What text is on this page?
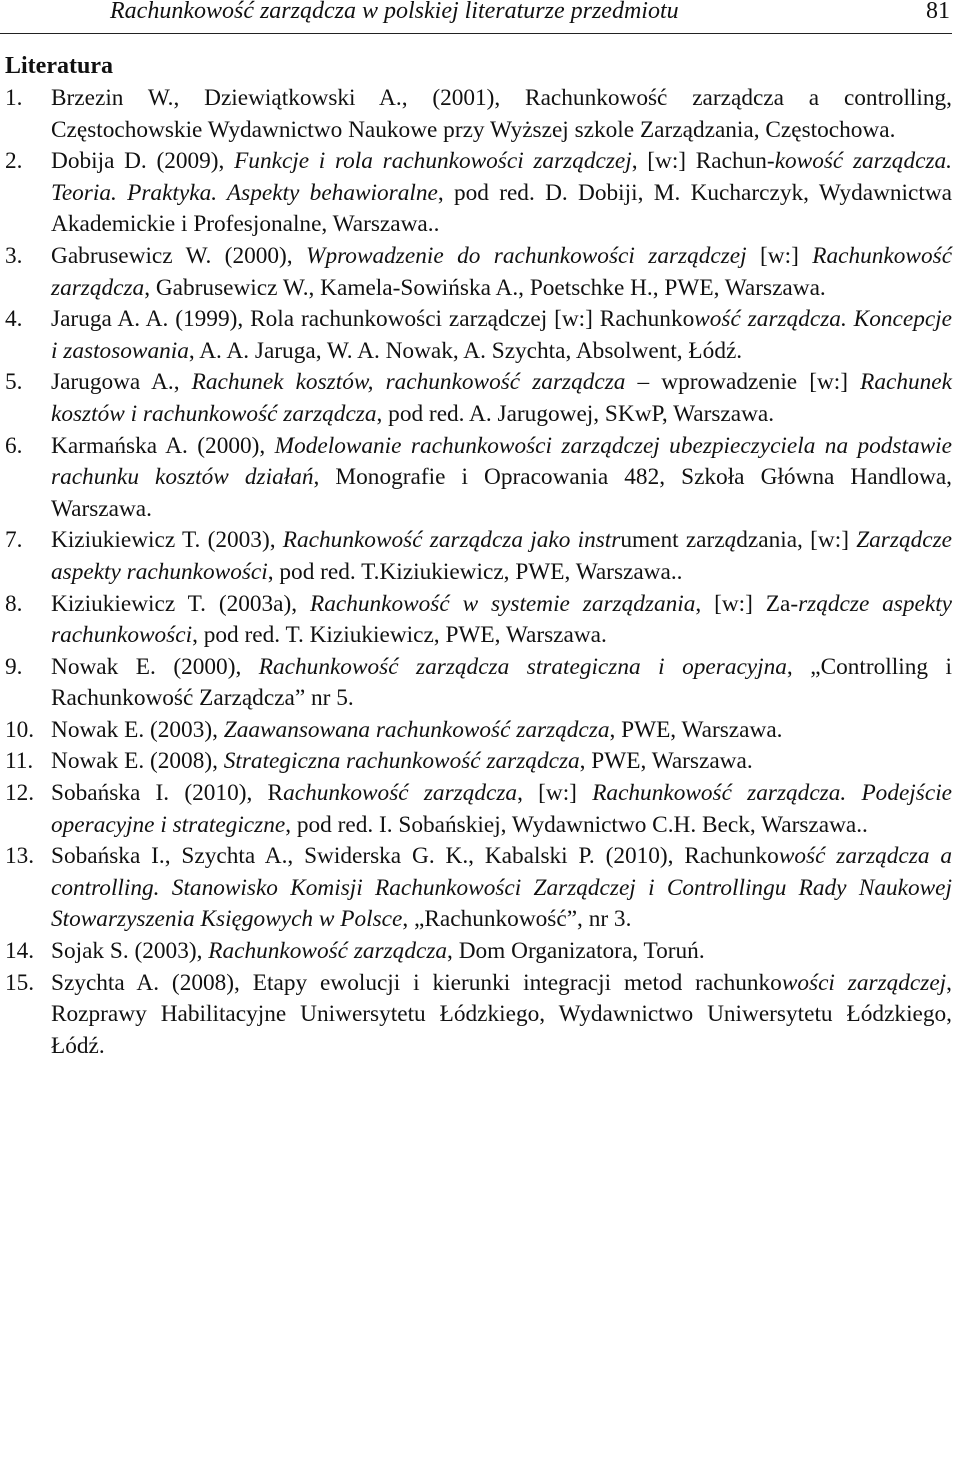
Rachunkowość zarządcza w polskiej literaturze przedmiotu	81
Literatura
1. Brzezin W., Dziewiątkowski A., (2001), Rachunkowość zarządcza a controlling, Częstochowskie Wydawnictwo Naukowe przy Wyższej szkole Zarządzania, Częstochowa.
2. Dobija D. (2009), Funkcje i rola rachunkowości zarządczej, [w:] Rachun-kowość zarządcza. Teoria. Praktyka. Aspekty behawioralne, pod red. D. Dobiji, M. Kucharczyk, Wydawnictwa Akademickie i Profesjonalne, Warszawa..
3. Gabrusewicz W. (2000), Wprowadzenie do rachunkowości zarządczej [w:] Rachunkowość zarządcza, Gabrusewicz W., Kamela-Sowińska A., Poetschke H., PWE, Warszawa.
4. Jaruga A. A. (1999), Rola rachunkowości zarządczej [w:] Rachunkowość zarządcza. Koncepcje i zastosowania, A. A. Jaruga, W. A. Nowak, A. Szychta, Absolwent, Łódź.
5. Jarugowa A., Rachunek kosztów, rachunkowość zarządcza – wprowadzenie [w:] Rachunek kosztów i rachunkowość zarządcza, pod red. A. Jarugowej, SKwP, Warszawa.
6. Karmańska A. (2000), Modelowanie rachunkowości zarządczej ubezpieczyciela na podstawie rachunku kosztów działań, Monografie i Opracowania 482, Szkoła Główna Handlowa, Warszawa.
7. Kiziukiewicz T. (2003), Rachunkowość zarządcza jako instrument zarządzania, [w:] Zarządcze aspekty rachunkowości, pod red. T.Kiziukiewicz, PWE, Warszawa..
8. Kiziukiewicz T. (2003a), Rachunkowość w systemie zarządzania, [w:] Za-rządcze aspekty rachunkowości, pod red. T. Kiziukiewicz, PWE, Warszawa.
9. Nowak E. (2000), Rachunkowość zarządcza strategiczna i operacyjna, „Controlling i Rachunkowość Zarządcza” nr 5.
10. Nowak E. (2003), Zaawansowana rachunkowość zarządcza, PWE, Warszawa.
11. Nowak E. (2008), Strategiczna rachunkowość zarządcza, PWE, Warszawa.
12. Sobańska I. (2010), Rachunkowość zarządcza, [w:] Rachunkowość zarządcza. Podejście operacyjne i strategiczne, pod red. I. Sobańskiej, Wydawnictwo C.H. Beck, Warszawa..
13. Sobańska I., Szychta A., Swiderska G. K., Kabalski P. (2010), Rachunkowość zarządcza a controlling. Stanowisko Komisji Rachunkowości Zarządczej i Controllingu Rady Naukowej Stowarzyszenia Księgowych w Polsce, „Rachunkowość”, nr 3.
14. Sojak S. (2003), Rachunkowość zarządcza, Dom Organizatora, Toruń.
15. Szychta A. (2008), Etapy ewolucji i kierunki integracji metod rachunkowości zarządczej, Rozprawy Habilitacyjne Uniwersytetu Łódzkiego, Wydawnictwo Uniwersytetu Łódzkiego, Łódź.
